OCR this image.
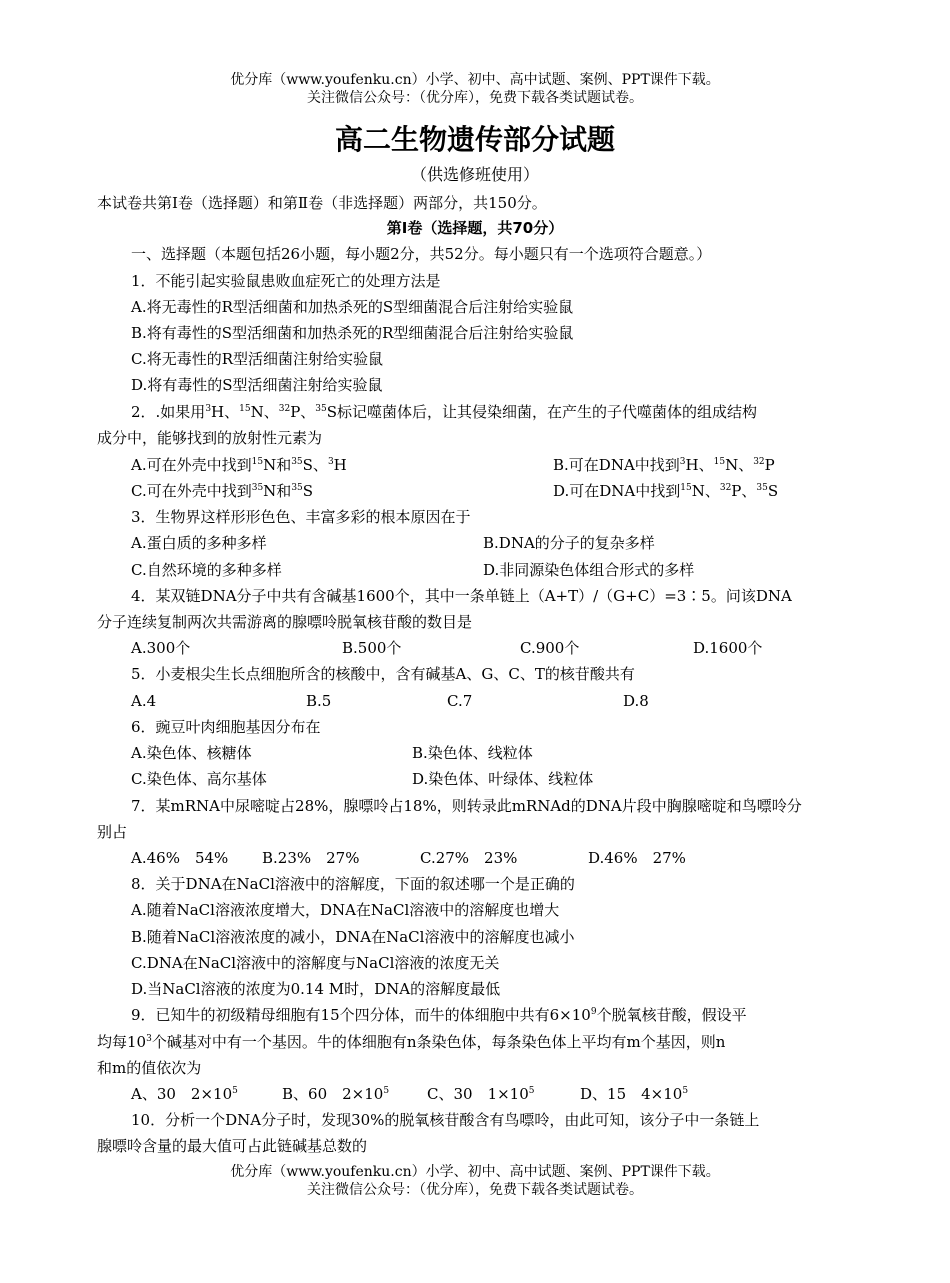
优分库（www.youfenku.cn）小学、初中、高中试题、案例、PPT课件下载。
关注微信公众号：（优分库），免费下载各类试题试卷。
高二生物遗传部分试题
（供选修班使用）
本试卷共第Ⅰ卷（选择题）和第Ⅱ卷（非选择题）两部分，共150分。
第Ⅰ卷（选择题，共70分）
一、选择题（本题包括26小题，每小题2分，共52分。每小题只有一个选项符合题意。）
1．不能引起实验鼠患败血症死亡的处理方法是
A.将无毒性的R型活细菌和加热杀死的S型细菌混合后注射给实验鼠
B.将有毒性的S型活细菌和加热杀死的R型细菌混合后注射给实验鼠
C.将无毒性的R型活细菌注射给实验鼠
D.将有毒性的S型活细菌注射给实验鼠
2．.如果用$^3$H、$^{15}$N、$^{32}$P、$^{35}$S标记噬菌体后，让其侵染细菌，在产生的子代噬菌体的组成结构
成分中，能够找到的放射性元素为
A.可在外壳中找到$^{15}$N和$^{35}$S、$^3$H	B.可在DNA中找到$^3$H、$^{15}$N、$^{32}$P
C.可在外壳中找到$^{35}$N和$^{35}$S	D.可在DNA中找到$^{15}$N、$^{32}$P、$^{35}$S
3．生物界这样形形色色、丰富多彩的根本原因在于
A.蛋白质的多种多样	B.DNA的分子的复杂多样
C.自然环境的多种多样	D.非同源染色体组合形式的多样
4．某双链DNA分子中共有含碱基1600个，其中一条单链上（A+T）/（G+C）=3∶5。问该DNA
分子连续复制两次共需游离的腺嘌呤脱氧核苷酸的数目是
A.300个	B.500个	C.900个	D.1600个
5．小麦根尖生长点细胞所含的核酸中，含有碱基A、G、C、T的核苷酸共有
A.4	B.5	C.7	D.8
6．豌豆叶肉细胞基因分布在
A.染色体、核糖体	B.染色体、线粒体
C.染色体、高尔基体	D.染色体、叶绿体、线粒体
7．某mRNA中尿嘧啶占28%，腺嘌呤占18%，则转录此mRNAd的DNA片段中胸腺嘧啶和鸟嘌呤分
别占
A.46%　54% B.23%　27%	C.27%　23%	D.46%　27%
8．关于DNA在NaCl溶液中的溶解度，下面的叙述哪一个是正确的
A.随着NaCl溶液浓度增大，DNA在NaCl溶液中的溶解度也增大
B.随着NaCl溶液浓度的减小，DNA在NaCl溶液中的溶解度也减小
C.DNA在NaCl溶液中的溶解度与NaCl溶液的浓度无关
D.当NaCl溶液的浓度为0.14 M时，DNA的溶解度最低
9．已知牛的初级精母细胞有15个四分体，而牛的体细胞中共有$6\times 10^9$个脱氧核苷酸，假设平
均每$10^3$个碱基对中有一个基因。牛的体细胞有n条染色体，每条染色体上平均有m个基因，则n
和m的值依次为
A、30　$2\times 10^5$	B、60　$2\times 10^5$	C、30　$1\times 10^5$	D、15　$4\times 10^5$
10．分析一个DNA分子时，发现30%的脱氧核苷酸含有鸟嘌呤，由此可知，该分子中一条链上
腺嘌呤含量的最大值可占此链碱基总数的
优分库（www.youfenku.cn）小学、初中、高中试题、案例、PPT课件下载。
关注微信公众号：（优分库），免费下载各类试题试卷。
